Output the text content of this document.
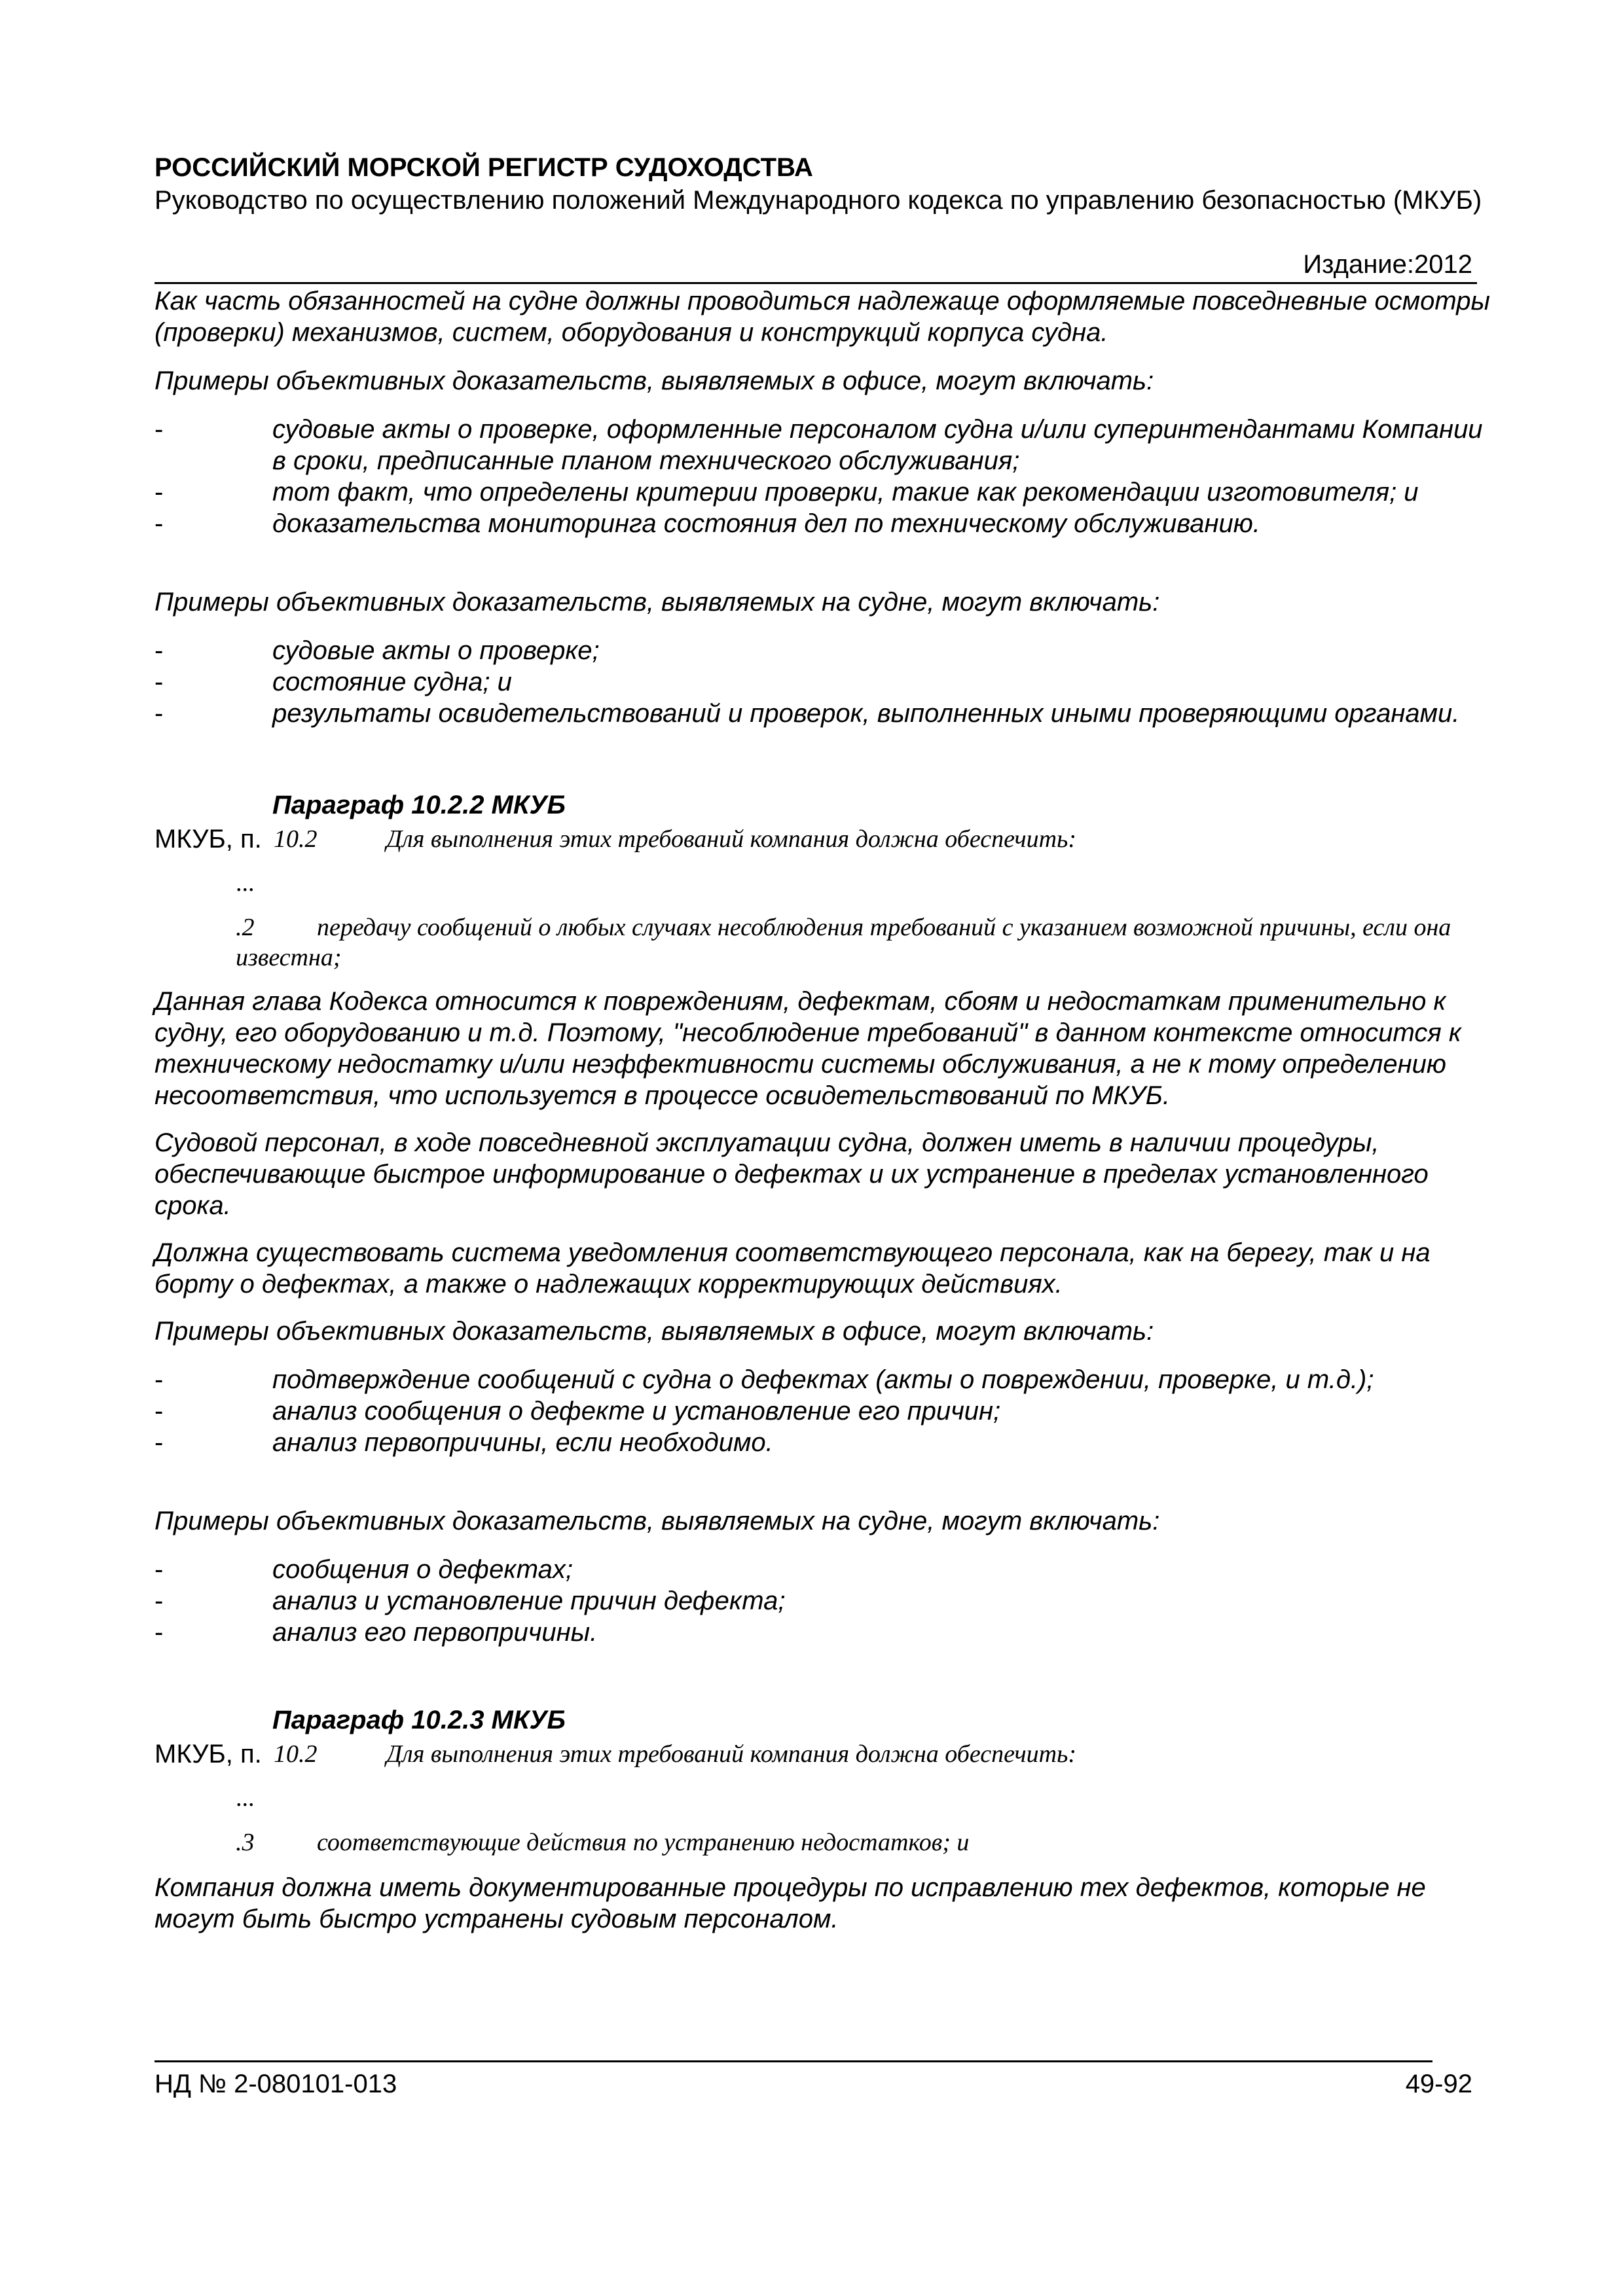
РОССИЙСКИЙ МОРСКОЙ РЕГИСТР СУДОХОДСТВА
Руководство по осуществлению положений Международного кодекса по управлению безопасностью (МКУБ)
Издание:2012

Как часть обязанностей на судне должны проводиться надлежаще оформляемые повседневные осмотры (проверки) механизмов, систем, оборудования и конструкций корпуса судна.

Примеры объективных доказательств, выявляемых в офисе, могут включать:

-	судовые акты о проверке, оформленные персоналом судна и/или суперинтендантами Компании в сроки, предписанные планом технического обслуживания;
-	тот факт, что определены критерии проверки, такие как рекомендации изготовителя; и
-	доказательства мониторинга состояния дел по техническому обслуживанию.

Примеры объективных доказательств, выявляемых на судне, могут включать:

-	судовые акты о проверке;
-	состояние судна; и
-	результаты освидетельствований и проверок, выполненных иными проверяющими органами.
Параграф 10.2.2 МКУБ
МКУБ, п. 10.2	Для выполнения этих требований компания должна обеспечить:
...
.2	передачу сообщений о любых случаях несоблюдения требований с указанием возможной причины, если она известна;

Данная глава Кодекса относится к повреждениям, дефектам, сбоям и недостаткам применительно к судну, его оборудованию и т.д. Поэтому, "несоблюдение требований" в данном контексте относится к техническому недостатку и/или неэффективности системы обслуживания, а не к тому определению несоответствия, что используется в процессе освидетельствований по МКУБ.

Судовой персонал, в ходе повседневной эксплуатации судна, должен иметь в наличии процедуры, обеспечивающие быстрое информирование о дефектах и их устранение в пределах установленного срока.

Должна существовать система уведомления соответствующего персонала, как на берегу, так и на борту о дефектах, а также о надлежащих корректирующих действиях.

Примеры объективных доказательств, выявляемых в офисе, могут включать:

-	подтверждение сообщений с судна о дефектах (акты о повреждении, проверке, и т.д.);
-	анализ сообщения о дефекте и установление его причин;
-	анализ первопричины, если необходимо.

Примеры объективных доказательств, выявляемых на судне, могут включать:

-	сообщения о дефектах;
-	анализ и установление причин дефекта;
-	анализ его первопричины.
Параграф 10.2.3 МКУБ
МКУБ, п. 10.2	Для выполнения этих требований компания должна обеспечить:
...
.3	соответствующие действия по устранению недостатков; и

Компания должна иметь документированные процедуры по исправлению тех дефектов, которые не могут быть быстро устранены судовым персоналом.

НД № 2-080101-013	49-92
